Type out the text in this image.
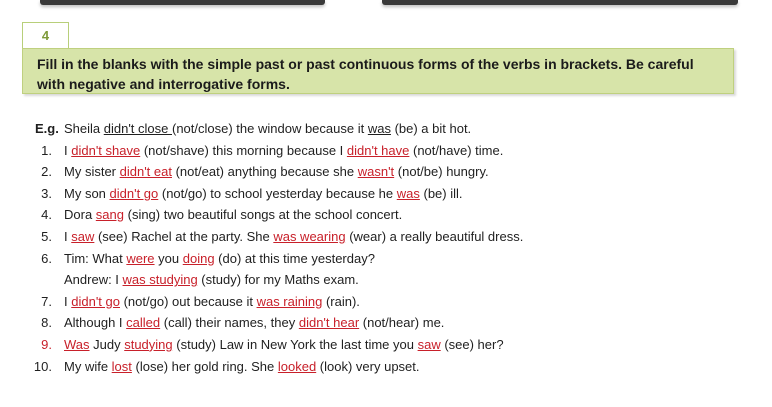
4
Fill in the blanks with the simple past or past continuous forms of the verbs in brackets. Be careful with negative and interrogative forms.
E.g. Sheila didn't close (not/close) the window because it was (be) a bit hot.
1. I didn't shave (not/shave) this morning because I didn't have (not/have) time.
2. My sister didn't eat (not/eat) anything because she wasn't (not/be) hungry.
3. My son didn't go (not/go) to school yesterday because he was (be) ill.
4. Dora sang (sing) two beautiful songs at the school concert.
5. I saw (see) Rachel at the party. She was wearing (wear) a really beautiful dress.
6. Tim: What were you doing (do) at this time yesterday?
Andrew: I was studying (study) for my Maths exam.
7. I didn't go (not/go) out because it was raining (rain).
8. Although I called (call) their names, they didn't hear (not/hear) me.
9. Was Judy studying (study) Law in New York the last time you saw (see) her?
10. My wife lost (lose) her gold ring. She looked (look) very upset.
